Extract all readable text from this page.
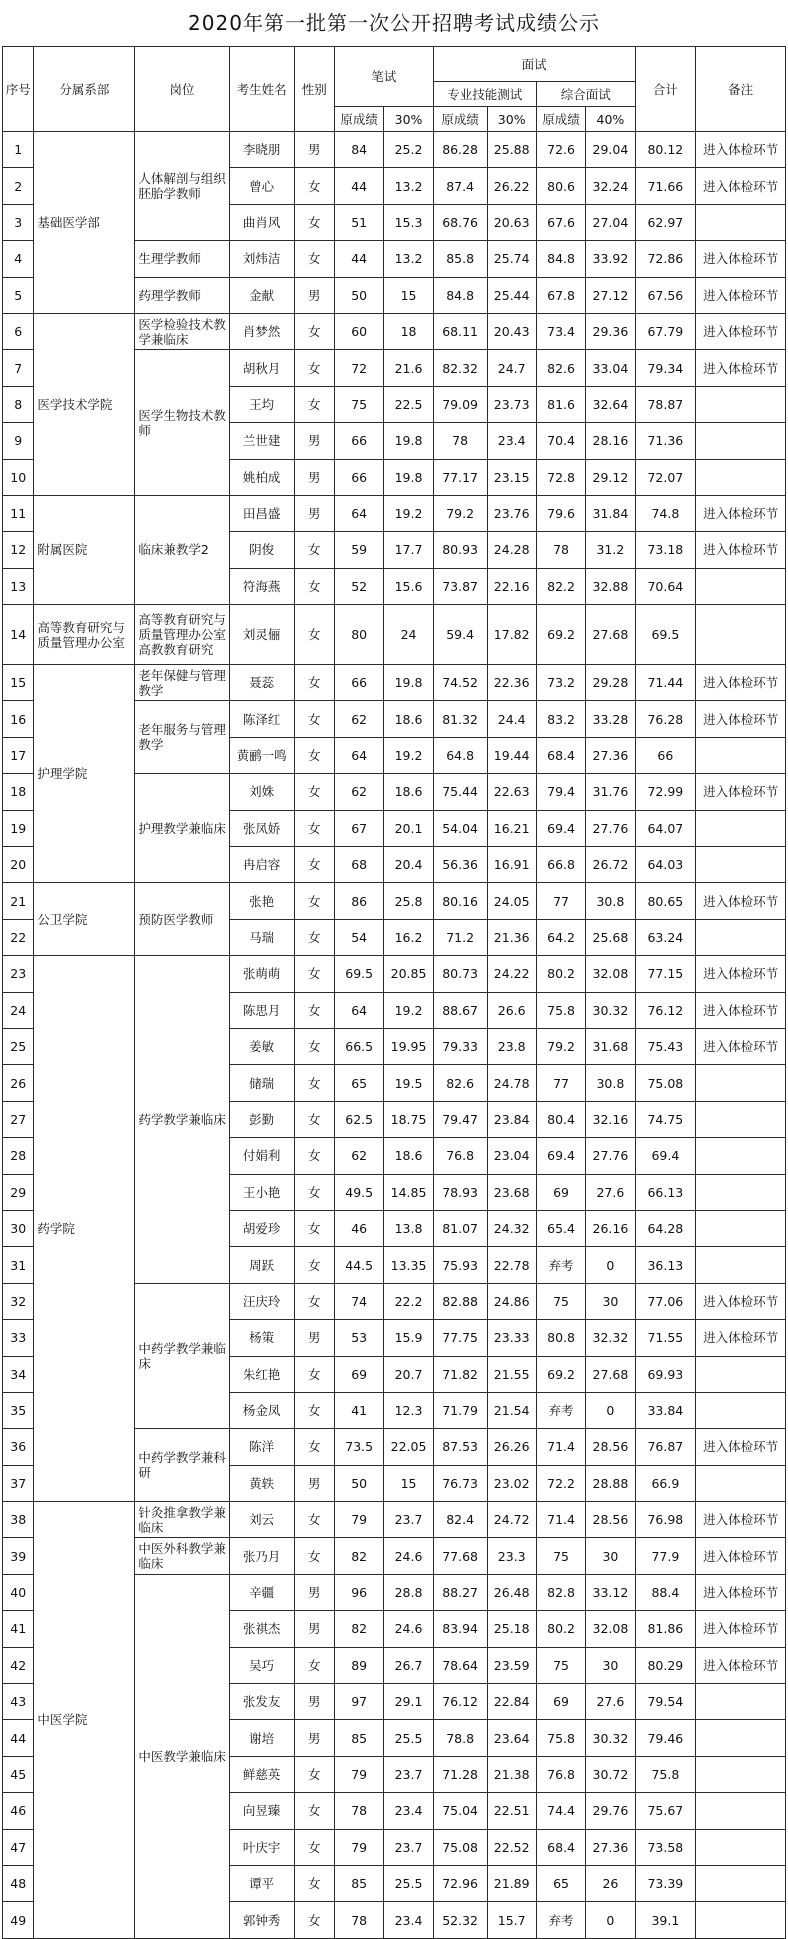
2020年第一批第一次公开招聘考试成绩公示
序号	分属系部	岗位	考生姓名	性别	笔试		面试				合计	备注
							专业技能测试		综合面试			
					原成绩	30%	原成绩	30%	原成绩	40%		
1	基础医学部	人体解剖与组织胚胎学教师	李晓朋	男	84	25.2	86.28	25.88	72.6	29.04	80.12	进入体检环节
2			曾心	女	44	13.2	87.4	26.22	80.6	32.24	71.66	进入体检环节
3			曲肖风	女	51	15.3	68.76	20.63	67.6	27.04	62.97	
4		生理学教师	刘炜洁	女	44	13.2	85.8	25.74	84.8	33.92	72.86	进入体检环节
5		药理学教师	金献	男	50	15	84.8	25.44	67.8	27.12	67.56	进入体检环节
6	医学技术学院	医学检验技术教学兼临床	肖梦然	女	60	18	68.11	20.43	73.4	29.36	67.79	进入体检环节
7		医学生物技术教师	胡秋月	女	72	21.6	82.32	24.7	82.6	33.04	79.34	进入体检环节
8			王均	女	75	22.5	79.09	23.73	81.6	32.64	78.87	
9			兰世建	男	66	19.8	78	23.4	70.4	28.16	71.36	
10			姚柏成	男	66	19.8	77.17	23.15	72.8	29.12	72.07	
11	附属医院	临床兼教学2	田昌盛	男	64	19.2	79.2	23.76	79.6	31.84	74.8	进入体检环节
12			阴俊	女	59	17.7	80.93	24.28	78	31.2	73.18	进入体检环节
13			符海燕	女	52	15.6	73.87	22.16	82.2	32.88	70.64	
14	高等教育研究与质量管理办公室	高等教育研究与质量管理办公室高教教育研究	刘灵俪	女	80	24	59.4	17.82	69.2	27.68	69.5	
15	护理学院	老年保健与管理教学	聂蕊	女	66	19.8	74.52	22.36	73.2	29.28	71.44	进入体检环节
16		老年服务与管理教学	陈泽红	女	62	18.6	81.32	24.4	83.2	33.28	76.28	进入体检环节
17			黄鹂一鸣	女	64	19.2	64.8	19.44	68.4	27.36	66	
18		护理教学兼临床	刘姝	女	62	18.6	75.44	22.63	79.4	31.76	72.99	进入体检环节
19			张凤娇	女	67	20.1	54.04	16.21	69.4	27.76	64.07	
20			冉启容	女	68	20.4	56.36	16.91	66.8	26.72	64.03	
21	公卫学院	预防医学教师	张艳	女	86	25.8	80.16	24.05	77	30.8	80.65	进入体检环节
22			马瑞	女	54	16.2	71.2	21.36	64.2	25.68	63.24	
23	药学院	药学教学兼临床	张萌萌	女	69.5	20.85	80.73	24.22	80.2	32.08	77.15	进入体检环节
24			陈思月	女	64	19.2	88.67	26.6	75.8	30.32	76.12	进入体检环节
25			姜敏	女	66.5	19.95	79.33	23.8	79.2	31.68	75.43	进入体检环节
26			储瑞	女	65	19.5	82.6	24.78	77	30.8	75.08	
27			彭勤	女	62.5	18.75	79.47	23.84	80.4	32.16	74.75	
28			付娟利	女	62	18.6	76.8	23.04	69.4	27.76	69.4	
29			王小艳	女	49.5	14.85	78.93	23.68	69	27.6	66.13	
30			胡爱珍	女	46	13.8	81.07	24.32	65.4	26.16	64.28	
31			周跃	女	44.5	13.35	75.93	22.78	弃考	0	36.13	
32		中药学教学兼临床	汪庆玲	女	74	22.2	82.88	24.86	75	30	77.06	进入体检环节
33			杨策	男	53	15.9	77.75	23.33	80.8	32.32	71.55	进入体检环节
34			朱红艳	女	69	20.7	71.82	21.55	69.2	27.68	69.93	
35			杨金凤	女	41	12.3	71.79	21.54	弃考	0	33.84	
36		中药学教学兼科研	陈洋	女	73.5	22.05	87.53	26.26	71.4	28.56	76.87	进入体检环节
37			黄轶	男	50	15	76.73	23.02	72.2	28.88	66.9	
38	中医学院	针灸推拿教学兼临床	刘云	女	79	23.7	82.4	24.72	71.4	28.56	76.98	进入体检环节
39		中医外科教学兼临床	张乃月	女	82	24.6	77.68	23.3	75	30	77.9	进入体检环节
40		中医教学兼临床	辛疆	男	96	28.8	88.27	26.48	82.8	33.12	88.4	进入体检环节
41			张祺杰	男	82	24.6	83.94	25.18	80.2	32.08	81.86	进入体检环节
42			吴巧	女	89	26.7	78.64	23.59	75	30	80.29	进入体检环节
43			张发友	男	97	29.1	76.12	22.84	69	27.6	79.54	
44			谢培	男	85	25.5	78.8	23.64	75.8	30.32	79.46	
45			鲜慈英	女	79	23.7	71.28	21.38	76.8	30.72	75.8	
46			向昱臻	女	78	23.4	75.04	22.51	74.4	29.76	75.67	
47			叶庆宇	女	79	23.7	75.08	22.52	68.4	27.36	73.58	
48			谭平	女	85	25.5	72.96	21.89	65	26	73.39	
49			郭钟秀	女	78	23.4	52.32	15.7	弃考	0	39.1	
